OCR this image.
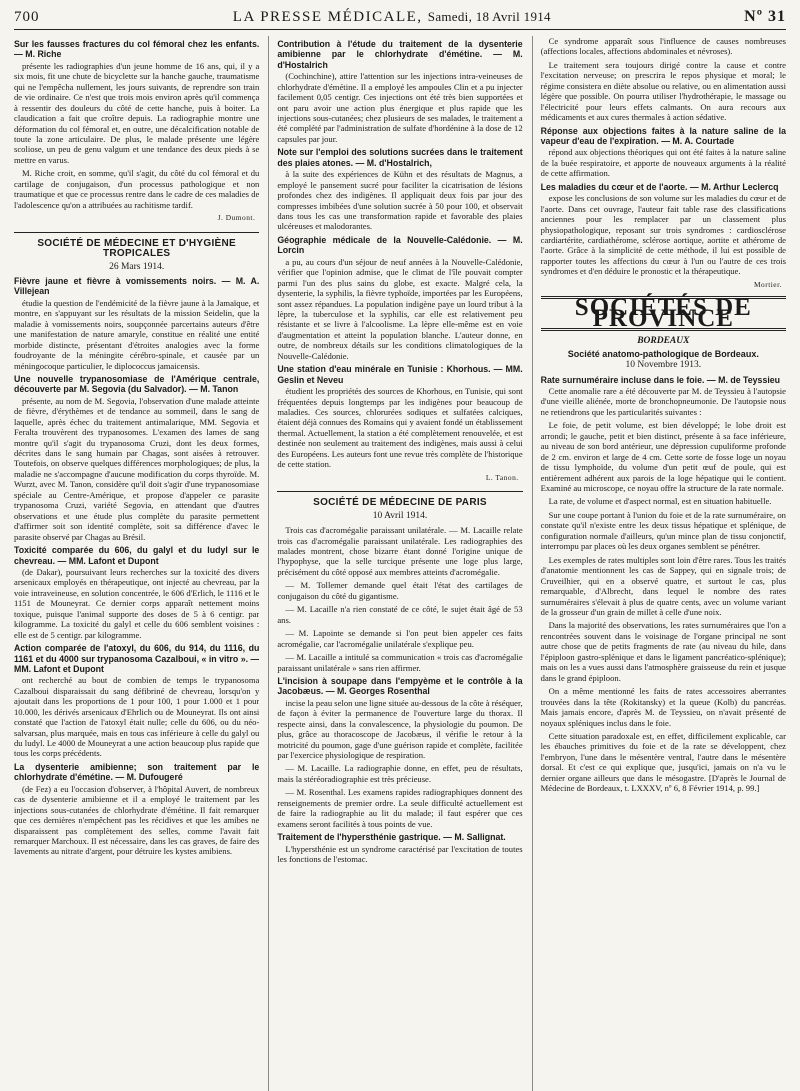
700	LA PRESSE MÉDICALE, Samedi, 18 Avril 1914	Nº 31
Sur les fausses fractures du col fémoral chez les enfants. — M. Riche

présente les radiographies d'un jeune homme de 16 ans, qui, il y a six mois, fit une chute de bicyclette sur la hanche gauche, traumatisme qui ne l'empêcha nullement, les jours suivants, de reprendre son train de vie ordinaire. Ce n'est que trois mois environ après qu'il commença à ressentir des douleurs du côté de cette hanche, puis à boiter. La claudication a fait que croître depuis. La radiographie montre une déformation du col fémoral et, en outre, une décalcification notable de toute la zone articulaire. De plus, le malade présente une légère scoliose, un peu de genu valgum et une tendance des deux pieds à se mettre en varus.

M. Riche croit, en somme, qu'il s'agit, du côté du col fémoral et du cartilage de conjugaison, d'un processus pathologique et non traumatique et que ce processus rentre dans le cadre de ces maladies de l'adolescence qu'on a attribuées au rachitisme tardif.

J. Dumont.
SOCIÉTÉ DE MÉDECINE ET D'HYGIÈNE TROPICALES
26 Mars 1914.
Fièvre jaune et fièvre à vomissements noirs. — M. A. Villejean

étudie la question de l'endémicité de la fièvre jaune à la Jamaïque, et montre, en s'appuyant sur les résultats de la mission Seidelin, que la maladie à vomissements noirs, soupçonnée parcertains auteurs d'être une manifestation de nature amaryle, constitue en réalité une entité morbide distincte, présentant d'étroites analogies avec la forme foudroyante de la méningite cérébro-spinale, et causée par un méningocoque particulier, le diplococcus jamaicensis.

Une nouvelle trypanosomiase de l'Amérique centrale, découverte par M. Segovia (du Salvador). — M. Tanon

présente, au nom de M. Segovia, l'observation d'une malade atteinte de fièvre, d'érythèmes et de tendance au sommeil, dans le sang de laquelle, après échec du traitement antimalarique, MM. Segovia et Feralta trouvèrent des trypanosomes. L'examen des lames de sang montre qu'il s'agit du trypanosoma Cruzi, dont les deux formes, décrites dans le sang humain par Chagas, sont aisées à retrouver. Toutefois, on observe quelques différences morphologiques; de plus, la maladie ne s'accompagne d'aucune modification du corps thyroïde. M. Wurzt, avec M. Tanon, considère qu'il doit s'agir d'une trypanosomiase spéciale au Centre-Amérique, et propose d'appeler ce parasite trypanosoma Cruzi, variété Segovia, en attendant que d'autres observations et une étude plus complète du parasite permettent d'affirmer soit son identité complète, soit sa différence d'avec le parasite observé par Chagas au Brésil.

Toxicité comparée du 606, du galyl et du ludyl sur le chevreau. — MM. Lafont et Dupont

(de Dakar), poursuivant leurs recherches sur la toxicité des divers arsenicaux employés en thérapeutique, ont injecté au chevreau, par la voie intraveineuse, en solution concentrée, le 606 d'Erlich, le 1116 et le 1151 de Mouneyrat. Ce dernier corps apparaît nettement moins toxique, puisque l'animal supporte des doses de 5 à 6 centigr. par kilogramme. La toxicité du galyl et celle du 606 semblent voisines : elle est de 5 centigr. par kilogramme.

Action comparée de l'atoxyl, du 606, du 914, du 1116, du 1161 et du 4000 sur trypanosoma Cazalboui, « in vitro ». — MM. Lafont et Dupont

ont recherché au bout de combien de temps le trypanosoma Cazalboui disparaissait du sang défibriné de chevreau, lorsqu'on y ajoutait dans les proportions de 1 pour 100, 1 pour 1.000 et 1 pour 10.000, les dérivés arsenicaux d'Ehrlich ou de Mouneyrat. Ils ont ainsi constaté que l'action de l'atoxyl était nulle; celle du 606, ou du néo-salvarsan, plus marquée, mais en tous cas inférieure à celle du galyl ou du ludyl. Le 4000 de Mouneyrat a une action beaucoup plus rapide que tous les corps précédents.

La dysenterie amibienne; son traitement par le chlorhydrate d'émétine. — M. Dufougeré

(de Fez) a eu l'occasion d'observer, à l'hôpital Auvert, de nombreux cas de dysenterie amibienne et il a employé le traitement par les injections sous-cutanées de chlorhydrate d'émétine. Il fait remarquer que ces dernières n'empêchent pas les récidives et que les amibes ne disparaissent pas complètement des selles, comme l'avait fait remarquer Marchoux. Il est nécessaire, dans les cas graves, de faire des lavements au nitrate d'argent, pour détruire les kystes amibiens.

Contribution à l'étude du traitement de la dysenterie amibienne par le chlorhydrate d'émétine. — M. d'Hostalrich

(Cochinchine), attire l'attention sur les injections intra-veineuses de chlorhydrate d'émétine. Il a employé les ampoules Clin et a pu injecter facilement 0,05 centigr. Ces injections ont été très bien supportées et ont paru avoir une action plus énergique et plus rapide que les injections sous-cutanées; chez plusieurs de ses malades, le traitement a été complété par l'administration de sulfate d'hordénine à la dose de 12 capsules par jour.

Note sur l'emploi des solutions sucrées dans le traitement des plaies atones. — M. d'Hostalrich,

à la suite des expériences de Kühn et des résultats de Magnus, a employé le pansement sucré pour faciliter la cicatrisation de lésions profondes chez des indigènes. Il appliquait deux fois par jour des compresses imbibées d'une solution sucrée à 50 pour 100, et observait dans tous les cas une transformation rapide et favorable des plaies ulcéreuses et malodorantes.

Géographie médicale de la Nouvelle-Calédonie. — M. Lorcin

a pu, au cours d'un séjour de neuf années à la Nouvelle-Calédonie, vérifier que l'opinion admise, que le climat de l'île pouvait compter parmi l'un des plus sains du globe, est exacte. Malgré cela, la dysenterie, la syphilis, la fièvre typhoïde, importées par les Européens, sont assez répandues. La population indigène paye un lourd tribut à la lèpre, la tuberculose et la syphilis, car elle est relativement peu résistante et se livre à l'alcoolisme. La lèpre elle-même est en voie d'augmentation et atteint la population blanche. L'auteur donne, en outre, de nombreux détails sur les conditions climatologiques de la Nouvelle-Calédonie.

Une station d'eau minérale en Tunisie : Khorhous. — MM. Geslin et Neveu

étudient les propriétés des sources de Khorhous, en Tunisie, qui sont fréquentées depuis longtemps par les indigènes pour beaucoup de maladies. Ces sources, chlorurées sodiques et sulfatées calciques, étaient déjà connues des Romains qui y avaient fondé un établissement thermal. Actuellement, la station a été complètement renouvelée, et est destinée non seulement au traitement des indigènes, mais aussi à celui des Européens. Les auteurs font une revue très complète de l'historique de cette station.

L. Tanon.
SOCIÉTÉ DE MÉDECINE DE PARIS
10 Avril 1914.

Trois cas d'acromégalie paraissant unilatérale. — M. Lacaille relate trois cas d'acromégalie paraissant unilatérale. Les radiographies des malades montrent, chose bizarre étant donné l'origine unique de l'hypophyse, que la selle turcique présente une loge plus large, précisément du côté opposé aux membres atteints d'acromégalie.

— M. Tollemer demande quel était l'état des cartilages de conjugaison du côté du gigantisme.

— M. Lacaille n'a rien constaté de ce côté, le sujet était âgé de 53 ans.

— M. Lapointe se demande si l'on peut bien appeler ces faits acromégalie, car l'acromégalie unilatérale s'explique peu.

— M. Lacaille a intitulé sa communication « trois cas d'acromégalie paraissant unilatérale » sans rien affirmer.

L'incision à soupape dans l'empyème et le contrôle à la Jacobæus. — M. Georges Rosenthal

incise la peau selon une ligne située au-dessous de la côte à réséquer, de façon à éviter la permanence de l'ouverture large du thorax. Il respecte ainsi, dans la convalescence, la physiologie du poumon. De plus, grâce au thoracoscope de Jacobæus, il vérifie le retour à la motricité du poumon, gage d'une guérison rapide et complète, facilitée par l'exercice physiologique de respiration.

— M. Lacaille. La radiographie donne, en effet, peu de résultats, mais la stéréoradiographie est très précieuse.

— M. Rosenthal. Les examens rapides radiographiques donnent des renseignements de premier ordre. La seule difficulté actuellement est de faire la radiographie au lit du malade; il faut espérer que ces examens seront facilités à tous points de vue.

Traitement de l'hypersthénie gastrique. — M. Sallignat.

L'hypersthénie est un syndrome caractérisé par l'excitation de toutes les fonctions de l'estomac.

Ce syndrome apparaît sous l'influence de causes nombreuses (affections locales, affections abdominales et névroses).

Le traitement sera toujours dirigé contre la cause et contre l'excitation nerveuse; on prescrira le repos physique et moral; le régime consistera en diète absolue ou relative, ou en alimentation aussi légère que possible. On pourra utiliser l'hydrothérapie, le massage ou l'électricité pour leurs effets calmants. On aura recours aux médicaments et aux cures thermales à action sédative.

Réponse aux objections faites à la nature saline de la vapeur d'eau de l'expiration. — M. A. Courtade

répond aux objections théoriques qui ont été faites à la nature saline de la buée respiratoire, et apporte de nouveaux arguments à la réalité de cette affirmation.

Les maladies du cœur et de l'aorte. — M. Arthur Leclercq

expose les conclusions de son volume sur les maladies du cœur et de l'aorte. Dans cet ouvrage, l'auteur fait table rase des classifications anciennes pour les remplacer par un classement plus physiopathologique, reposant sur trois syndromes : cardiosclérose cardiartérite, cardiathérome, sclérose aortique, aortite et athérome de l'aorte. Grâce à la simplicité de cette méthode, il lui est possible de rapporter toutes les affections du cœur à l'un ou l'autre de ces trois syndromes et d'en déduire le pronostic et la thérapeutique.

Mortier.
SOCIÉTÉS DE PROVINCE
BORDEAUX
Société anatomo-pathologique de Bordeaux.
10 Novembre 1913.
Rate surnuméraire incluse dans le foie. — M. de Teyssieu

Cette anomalie rare a été découverte par M. de Teyssieu à l'autopsie d'une vieille aliénée, morte de bronchopneumonie. De l'autopsie nous ne retiendrons que les particularités suivantes :

Le foie, de petit volume, est bien développé; le lobe droit est arrondi; le gauche, petit et bien distinct, présente à sa face inférieure, au niveau de son bord antérieur, une dépression cupuliforme profonde de 2 cm. environ et large de 4 cm. Cette sorte de fosse loge un noyau de tissu lymphoïde, du volume d'un petit œuf de poule, qui est entièrement adhérent aux parois de la loge hépatique qui le contient. Examiné au microscope, ce noyau offre la structure de la rate normale.

La rate, de volume et d'aspect normal, est en situation habituelle.

Sur une coupe portant à l'union du foie et de la rate surnuméraire, on constate qu'il n'existe entre les deux tissus hépatique et splénique, de configuration normale d'ailleurs, qu'un mince plan de tissu conjonctif, interrompu par places où les deux organes semblent se pénétrer.

Les exemples de rates multiples sont loin d'être rares. Tous les traités d'anatomie mentionnent les cas de Sappey, qui en signale trois; de Cruveilhier, qui en a observé quatre, et surtout le cas, plus remarquable, d'Albrecht, dans lequel le nombre des rates surnuméraires s'élevait à plus de quatre cents, avec un volume variant de la grosseur d'un grain de millet à celle d'une noix.

Dans la majorité des observations, les rates surnuméraires que l'on a rencontrées souvent dans le voisinage de l'organe principal ne sont autre chose que de petits fragments de rate (au niveau du hile, dans l'épiploon gastro-splénique et dans le ligament pancréatico-splénique); mais on les a vues aussi dans l'atmosphère graisseuse du rein et jusque dans le grand épiploon.

On a même mentionné les faits de rates accessoires aberrantes trouvées dans la tête (Rokitansky) et la queue (Kolb) du pancréas. Mais jamais encore, d'après M. de Teyssieu, on n'avait présenté de noyaux spléniques inclus dans le foie.

Cette situation paradoxale est, en effet, difficilement explicable, car les ébauches primitives du foie et de la rate se développent, chez l'embryon, l'une dans le mésentère ventral, l'autre dans le mésentère dorsal. Et c'est ce qui explique que, jusqu'ici, jamais on n'a vu le dernier organe ailleurs que dans le mésogastre. [D'après le Journal de Médecine de Bordeaux, t. LXXXV, nº 6, 8 Février 1914, p. 99.]
